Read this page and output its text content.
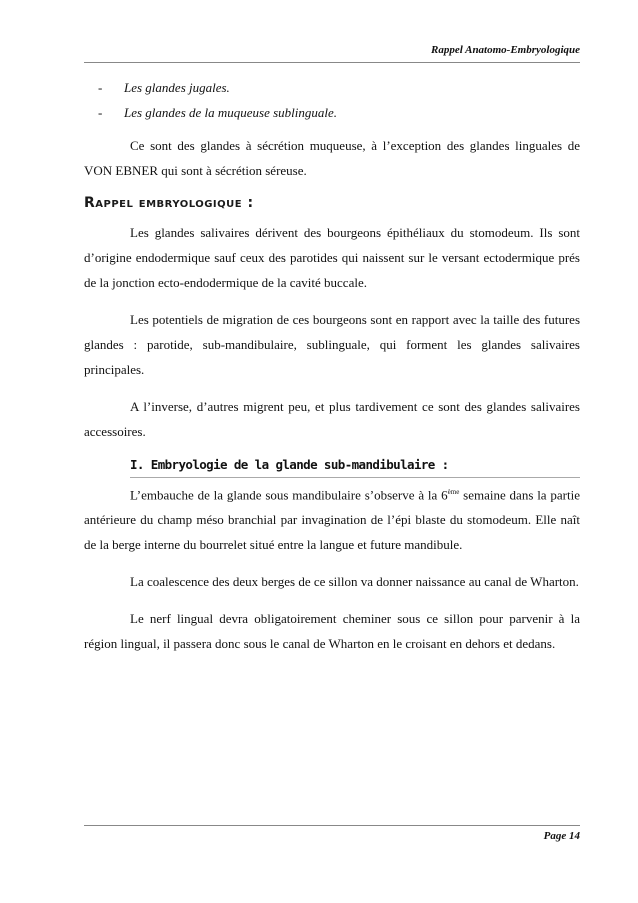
Rappel Anatomo-Embryologique
- Les glandes jugales.
- Les glandes de la muqueuse sublinguale.

Ce sont des glandes à sécrétion muqueuse, à l’exception des glandes linguales de VON EBNER qui sont à sécrétion séreuse.

Rappel embryologique :

Les glandes salivaires dérivent des bourgeons épithéliaux du stomodeum. Ils sont d’origine endodermique sauf ceux des parotides qui naissent sur le versant ectodermique prés de la jonction ecto-endodermique de la cavité buccale.

Les potentiels de migration de ces bourgeons sont en rapport avec la taille des futures glandes : parotide, sub-mandibulaire, sublinguale, qui forment les glandes salivaires principales.

A l’inverse, d’autres migrent peu, et plus tardivement ce sont des glandes salivaires accessoires.

I. Embryologie de la glande sub-mandibulaire :

L’embauche de la glande sous mandibulaire s’observe à la 6ème semaine dans la partie antérieure du champ méso branchial par invagination de l’épi blaste du stomodeum. Elle naît de la berge interne du bourrelet situé entre la langue et future mandibule.

La coalescence des deux berges de ce sillon va donner naissance au canal de Wharton.

Le nerf lingual devra obligatoirement cheminer sous ce sillon pour parvenir à la région lingual, il passera donc sous le canal de Wharton en le croisant en dehors et dedans.

Page 14
